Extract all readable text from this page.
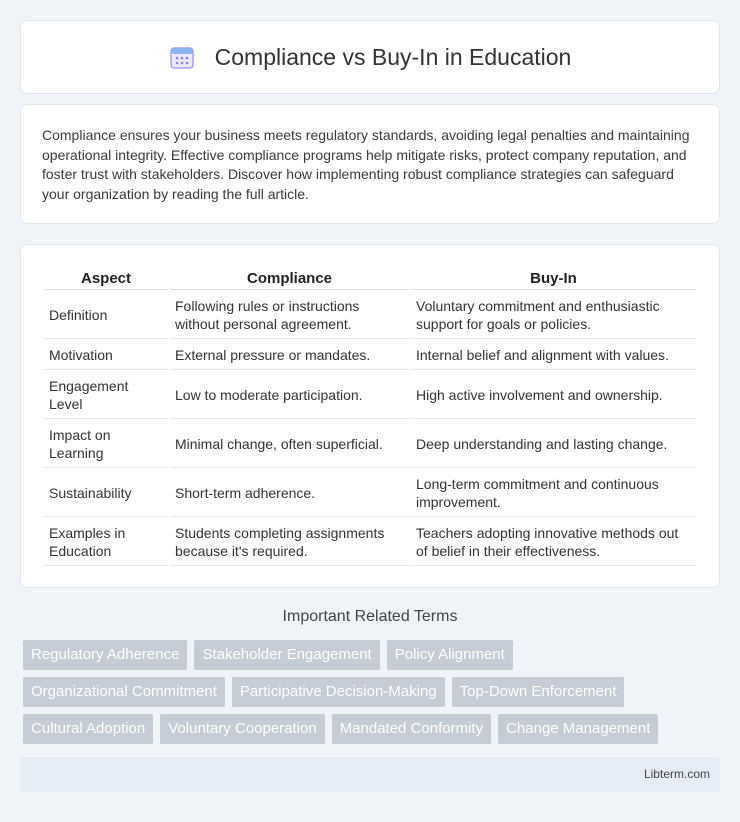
Compliance vs Buy-In in Education

Compliance ensures your business meets regulatory standards, avoiding legal penalties and maintaining operational integrity. Effective compliance programs help mitigate risks, protect company reputation, and foster trust with stakeholders. Discover how implementing robust compliance strategies can safeguard your organization by reading the full article.

Aspect	Compliance	Buy-In
Definition	Following rules or instructions without personal agreement.	Voluntary commitment and enthusiastic support for goals or policies.
Motivation	External pressure or mandates.	Internal belief and alignment with values.
Engagement Level	Low to moderate participation.	High active involvement and ownership.
Impact on Learning	Minimal change, often superficial.	Deep understanding and lasting change.
Sustainability	Short-term adherence.	Long-term commitment and continuous improvement.
Examples in Education	Students completing assignments because it's required.	Teachers adopting innovative methods out of belief in their effectiveness.
Important Related Terms
Regulatory Adherence	Stakeholder Engagement	Policy Alignment
Organizational Commitment	Participative Decision-Making	Top-Down Enforcement
Cultural Adoption	Voluntary Cooperation	Mandated Conformity	Change Management
Libterm.com
